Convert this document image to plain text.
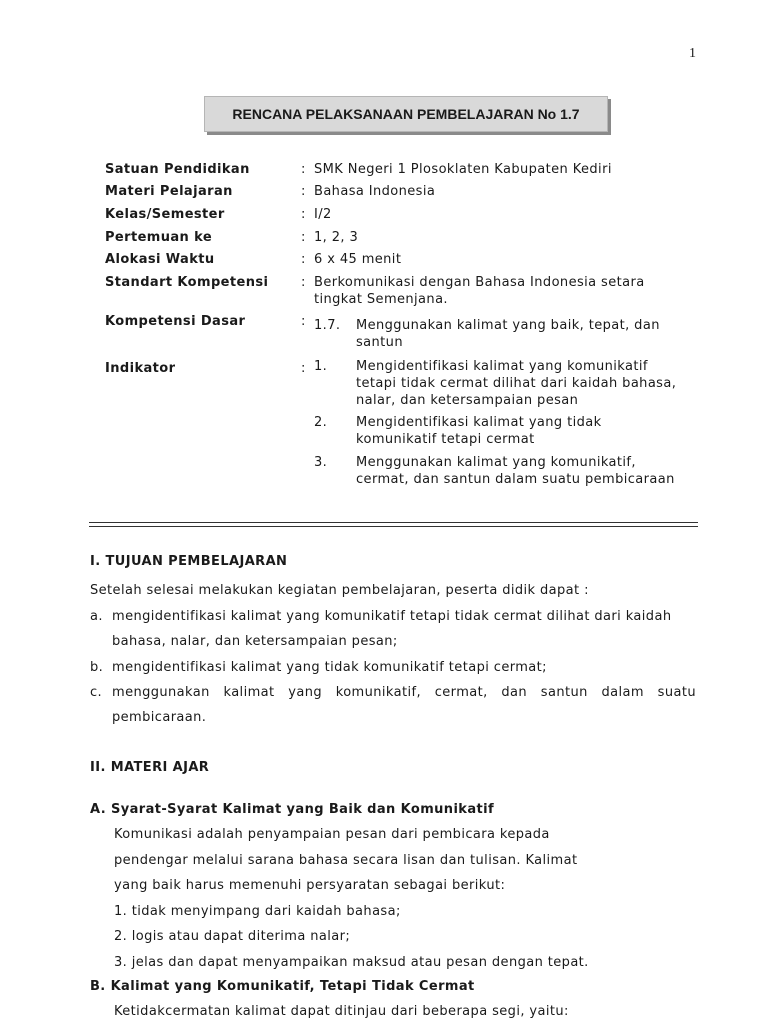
1
RENCANA PELAKSANAAN PEMBELAJARAN No 1.7
Satuan Pendidikan	: SMK Negeri 1 Plosoklaten Kabupaten Kediri
Materi Pelajaran	: Bahasa Indonesia
Kelas/Semester	: I/2
Pertemuan ke	: 1, 2, 3
Alokasi Waktu	: 6 x 45 menit
Standart Kompetensi	: Berkomunikasi dengan Bahasa Indonesia setara
tingkat Semenjana.
Kompetensi Dasar	: 1.7. Menggunakan kalimat yang baik, tepat, dan
santun
Indikator	: 1. Mengidentifikasi kalimat yang komunikatif
tetapi tidak cermat dilihat dari kaidah bahasa,
nalar, dan ketersampaian pesan
2. Mengidentifikasi kalimat yang tidak
komunikatif tetapi cermat
3. Menggunakan kalimat yang komunikatif,
cermat, dan santun dalam suatu pembicaraan
I. TUJUAN PEMBELAJARAN
Setelah selesai melakukan kegiatan pembelajaran, peserta didik dapat :
a. mengidentifikasi kalimat yang komunikatif tetapi tidak cermat dilihat dari kaidah
bahasa, nalar, dan ketersampaian pesan;
b. mengidentifikasi kalimat yang tidak komunikatif tetapi cermat;
c. menggunakan kalimat yang komunikatif, cermat, dan santun dalam suatu
pembicaraan.
II. MATERI AJAR
A. Syarat-Syarat Kalimat yang Baik dan Komunikatif
Komunikasi adalah penyampaian pesan dari pembicara kepada
pendengar melalui sarana bahasa secara lisan dan tulisan. Kalimat
yang baik harus memenuhi persyaratan sebagai berikut:
1. tidak menyimpang dari kaidah bahasa;
2. logis atau dapat diterima nalar;
3. jelas dan dapat menyampaikan maksud atau pesan dengan tepat.
B. Kalimat yang Komunikatif, Tetapi Tidak Cermat
Ketidakcermatan kalimat dapat ditinjau dari beberapa segi, yaitu:
